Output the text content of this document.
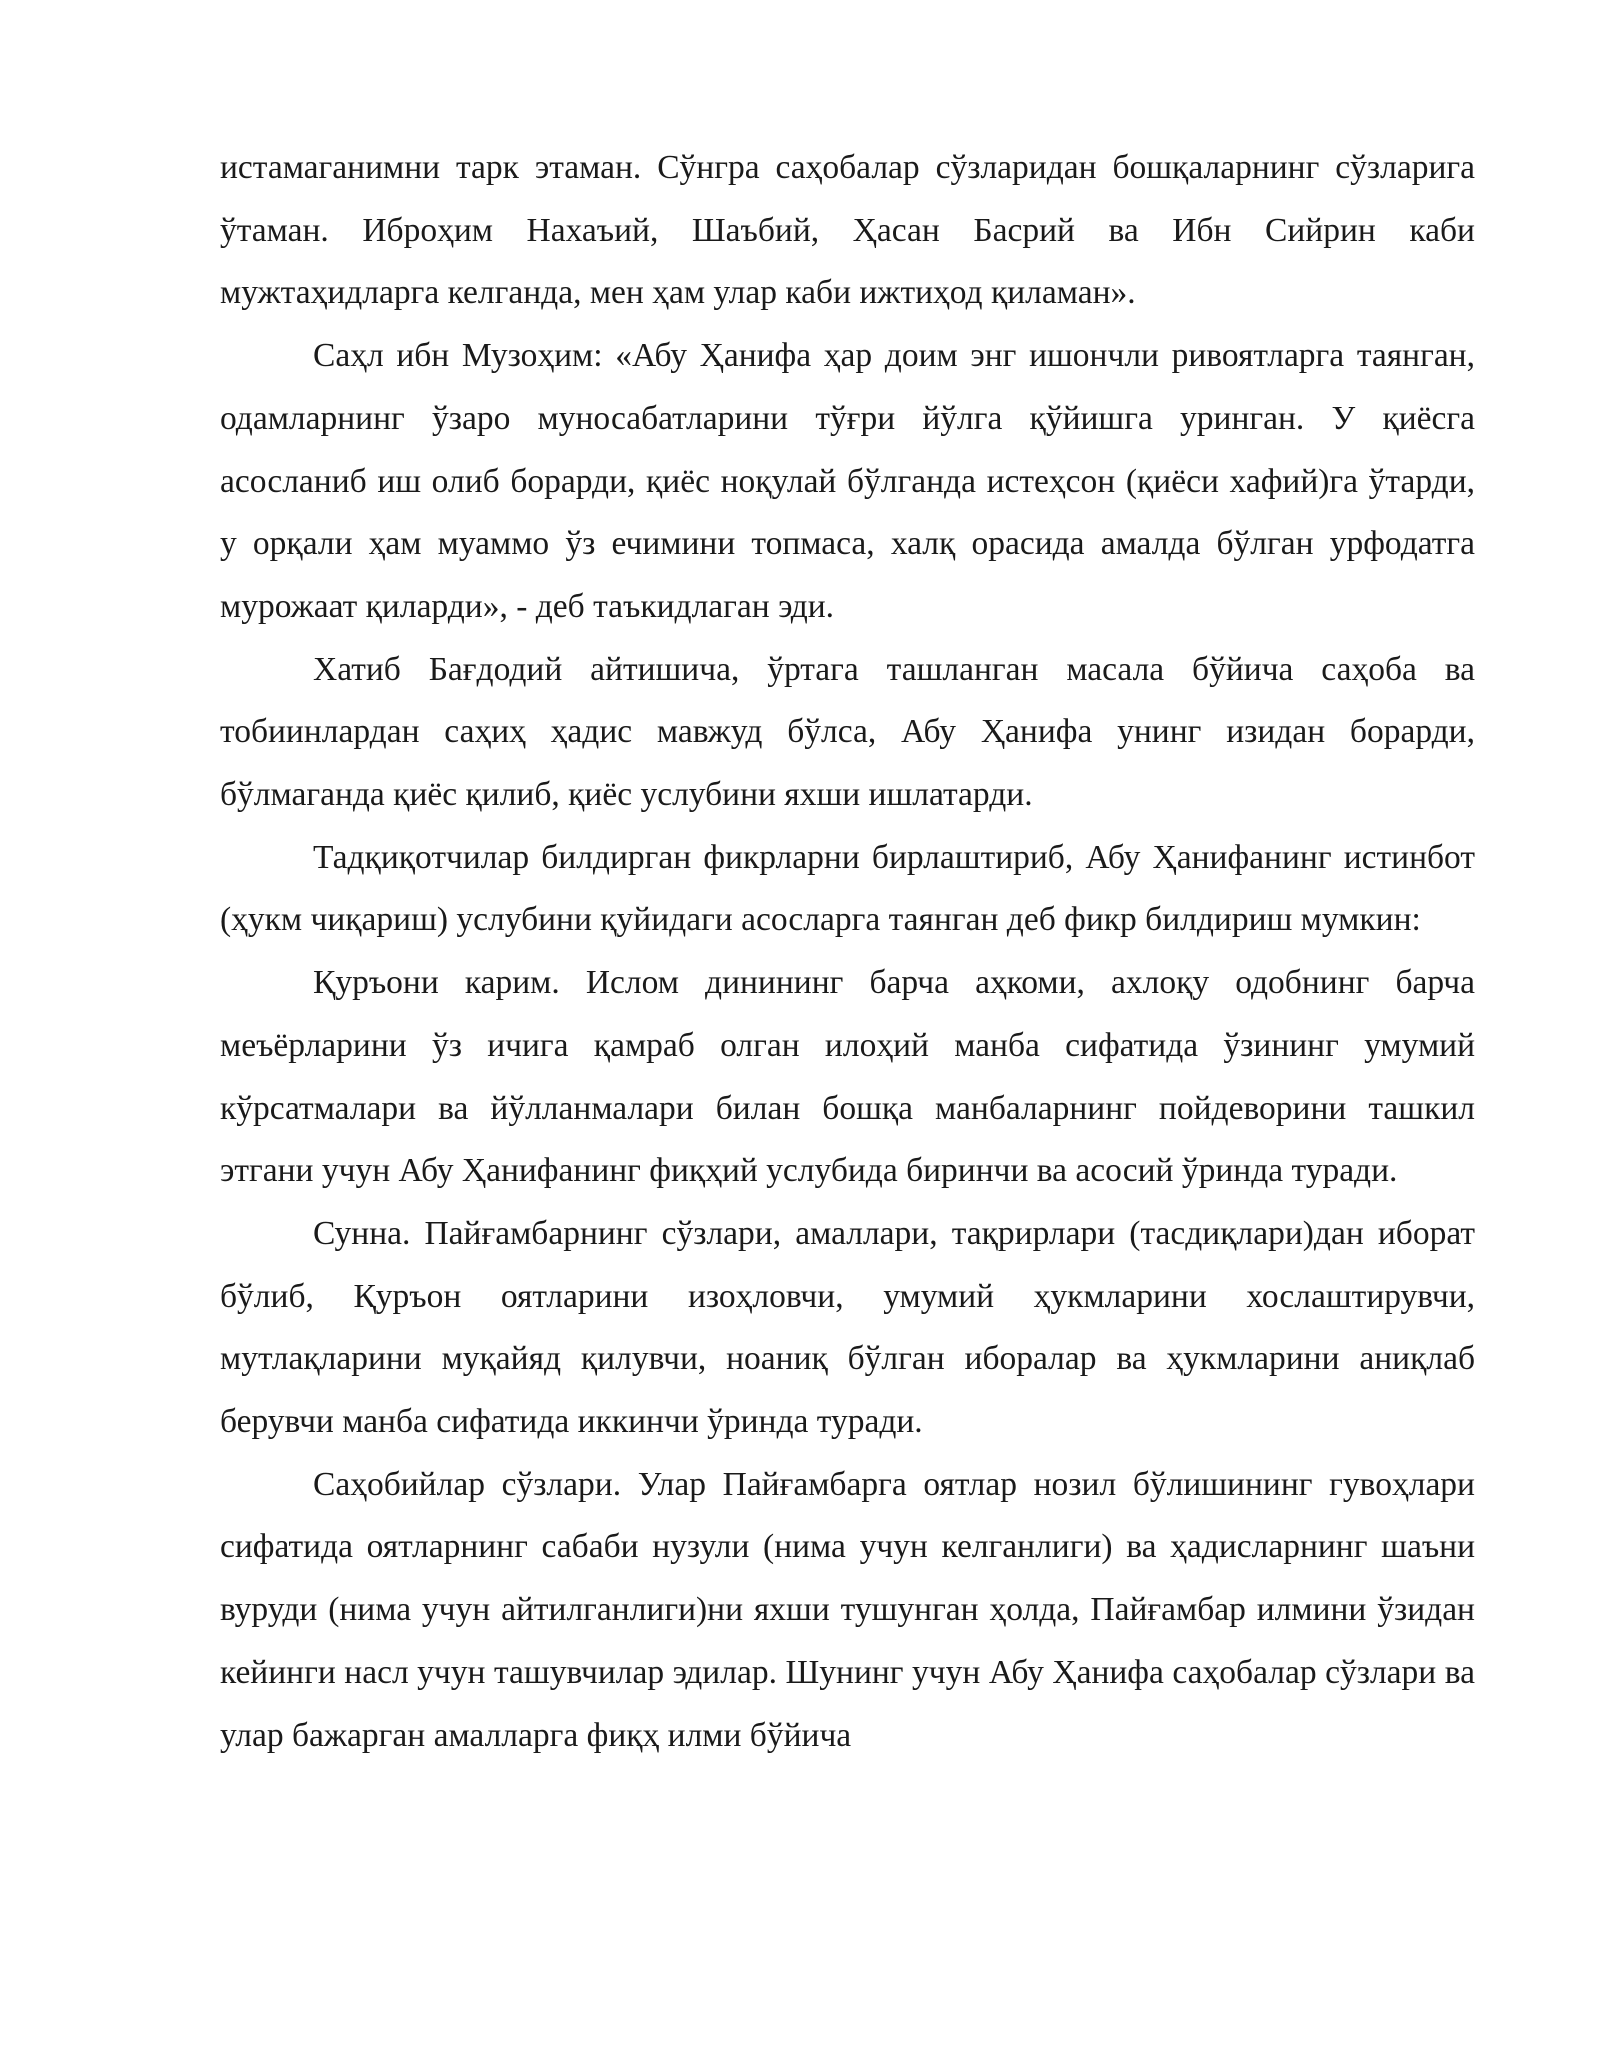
истамаганимни тарк этаман. Сўнгра саҳобалар сўзларидан бошқаларнинг сўзларига ўтаман. Иброҳим Нахаъий, Шаъбий, Ҳасан Басрий ва Ибн Сийрин каби мужтаҳидларга келганда, мен ҳам улар каби ижтиҳод қиламан».

Саҳл ибн Музоҳим: «Абу Ҳанифа ҳар доим энг ишончли ривоятларга таянган, одамларнинг ўзаро муносабатларини тўғри йўлга қўйишга уринган. У қиёсга асосланиб иш олиб борарди, қиёс ноқулай бўлганда истеҳсон (қиёси хафий)га ўтарди, у орқали ҳам муаммо ўз ечимини топмаса, халқ орасида амалда бўлган урфодатга мурожаат қиларди», - деб таъкидлаган эди.

Хатиб Бағдодий айтишича, ўртага ташланган масала бўйича саҳоба ва тобиинлардан саҳиҳ ҳадис мавжуд бўлса, Абу Ҳанифа унинг изидан борарди, бўлмаганда қиёс қилиб, қиёс услубини яхши ишлатарди.

Тадқиқотчилар билдирган фикрларни бирлаштириб, Абу Ҳанифанинг истинбот (ҳукм чиқариш) услубини қуйидаги асосларга таянган деб фикр билдириш мумкин:

Қуръони карим. Ислом динининг барча аҳкоми, ахлоқу одобнинг барча меъёрларини ўз ичига қамраб олган илоҳий манба сифатида ўзининг умумий кўрсатмалари ва йўлланмалари билан бошқа манбаларнинг пойдеворини ташкил этгани учун Абу Ҳанифанинг фиқҳий услубида биринчи ва асосий ўринда туради.

Сунна. Пайғамбарнинг сўзлари, амаллари, тақрирлари (тасдиқлари)дан иборат бўлиб, Қуръон оятларини изоҳловчи, умумий ҳукмларини хослаштирувчи, мутлақларини муқайяд қилувчи, ноаниқ бўлган иборалар ва ҳукмларини аниқлаб берувчи манба сифатида иккинчи ўринда туради.

Саҳобийлар сўзлари. Улар Пайғамбарга оятлар нозил бўлишининг гувоҳлари сифатида оятларнинг сабаби нузули (нима учун келганлиги) ва ҳадисларнинг шаъни вуруди (нима учун айтилганлиги)ни яхши тушунган ҳолда, Пайғамбар илмини ўзидан кейинги насл учун ташувчилар эдилар. Шунинг учун Абу Ҳанифа саҳобалар сўзлари ва улар бажарган амалларга фиқҳ илми бўйича
